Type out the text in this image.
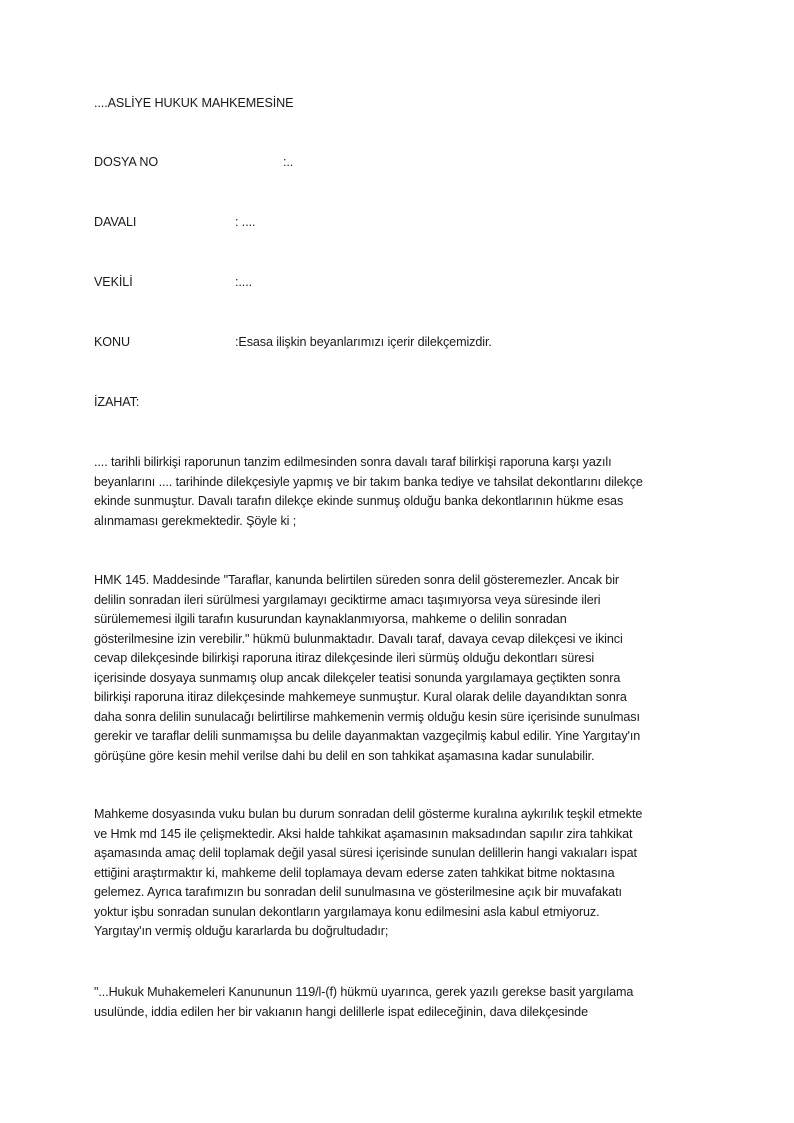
....ASLİYE HUKUK MAHKEMESİNE
DOSYA NO	:..
DAVALI	: ....
VEKİLİ	:....
KONU	:Esasa ilişkin beyanlarımızı içerir dilekçemizdir.
İZAHAT:
.... tarihli bilirkişi raporunun tanzim edilmesinden sonra davalı taraf bilirkişi raporuna karşı yazılı
beyanlarını .... tarihinde dilekçesiyle yapmış ve bir takım banka tediye ve tahsilat dekontlarını dilekçe
ekinde sunmuştur. Davalı tarafın dilekçe ekinde sunmuş olduğu banka dekontlarının hükme esas
alınmaması gerekmektedir. Şöyle ki ;
HMK 145. Maddesinde "Taraflar, kanunda belirtilen süreden sonra delil gösteremezler. Ancak bir
delilin sonradan ileri sürülmesi yargılamayı geciktirme amacı taşımıyorsa veya süresinde ileri
sürülememesi ilgili tarafın kusurundan kaynaklanmıyorsa, mahkeme o delilin sonradan
gösterilmesine izin verebilir." hükmü bulunmaktadır. Davalı taraf, davaya cevap dilekçesi ve ikinci
cevap dilekçesinde bilirkişi raporuna itiraz dilekçesinde ileri sürmüş olduğu dekontları süresi
içerisinde dosyaya sunmamış olup ancak dilekçeler teatisi sonunda yargılamaya geçtikten sonra
bilirkişi raporuna itiraz dilekçesinde mahkemeye sunmuştur. Kural olarak delile dayandıktan sonra
daha sonra delilin sunulacağı belirtilirse mahkemenin vermiş olduğu kesin süre içerisinde sunulması
gerekir ve taraflar delili sunmamışsa bu delile dayanmaktan vazgeçilmiş kabul edilir. Yine Yargıtay'ın
görüşüne göre kesin mehil verilse dahi bu delil en son tahkikat aşamasına kadar sunulabilir.
Mahkeme dosyasında vuku bulan bu durum sonradan delil gösterme kuralına aykırılık teşkil etmekte
ve Hmk md 145 ile çelişmektedir. Aksi halde tahkikat aşamasının maksadından sapılır zira tahkikat
aşamasında amaç delil toplamak değil yasal süresi içerisinde sunulan delillerin hangi vakıaları ispat
ettiğini araştırmaktır ki, mahkeme delil toplamaya devam ederse zaten tahkikat bitme noktasına
gelemez. Ayrıca tarafımızın bu sonradan delil sunulmasına ve gösterilmesine açık bir muvafakatı
yoktur işbu sonradan sunulan dekontların yargılamaya konu edilmesini asla kabul etmiyoruz.
Yargıtay'ın vermiş olduğu kararlarda bu doğrultudadır;
"...Hukuk Muhakemeleri Kanununun 119/l-(f) hükmü uyarınca, gerek yazılı gerekse basit yargılama
usulünde, iddia edilen her bir vakıanın hangi delillerle ispat edileceğinin, dava dilekçesinde
